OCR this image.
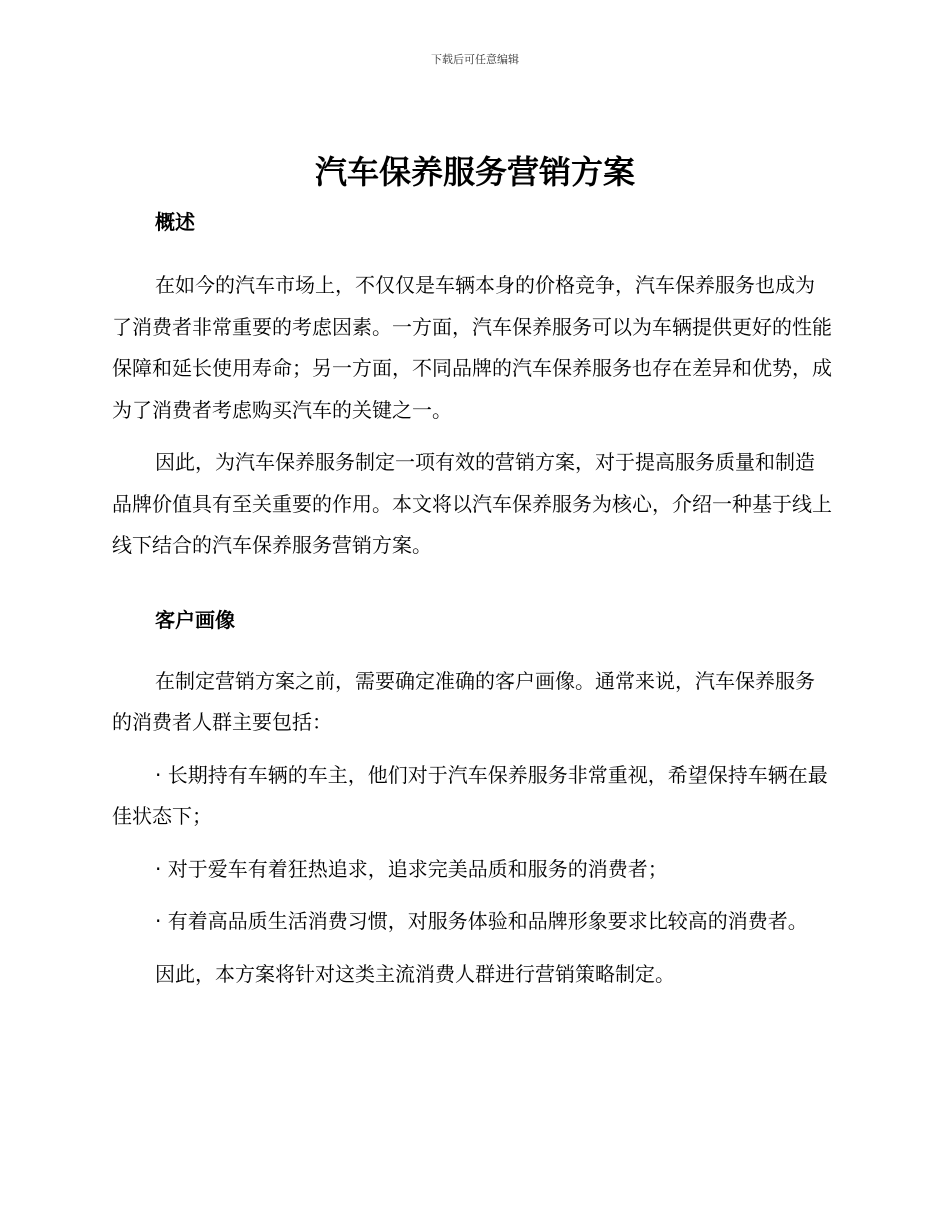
下载后可任意编辑
汽车保养服务营销方案
概述

在如今的汽车市场上，不仅仅是车辆本身的价格竞争，汽车保养服务也成为了消费者非常重要的考虑因素。一方面，汽车保养服务可以为车辆提供更好的性能保障和延长使用寿命；另一方面，不同品牌的汽车保养服务也存在差异和优势，成为了消费者考虑购买汽车的关键之一。

因此，为汽车保养服务制定一项有效的营销方案，对于提高服务质量和制造品牌价值具有至关重要的作用。本文将以汽车保养服务为核心，介绍一种基于线上线下结合的汽车保养服务营销方案。

客户画像

在制定营销方案之前，需要确定准确的客户画像。通常来说，汽车保养服务的消费者人群主要包括：

· 长期持有车辆的车主，他们对于汽车保养服务非常重视，希望保持车辆在最佳状态下；

· 对于爱车有着狂热追求，追求完美品质和服务的消费者；

· 有着高品质生活消费习惯，对服务体验和品牌形象要求比较高的消费者。

因此，本方案将针对这类主流消费人群进行营销策略制定。
